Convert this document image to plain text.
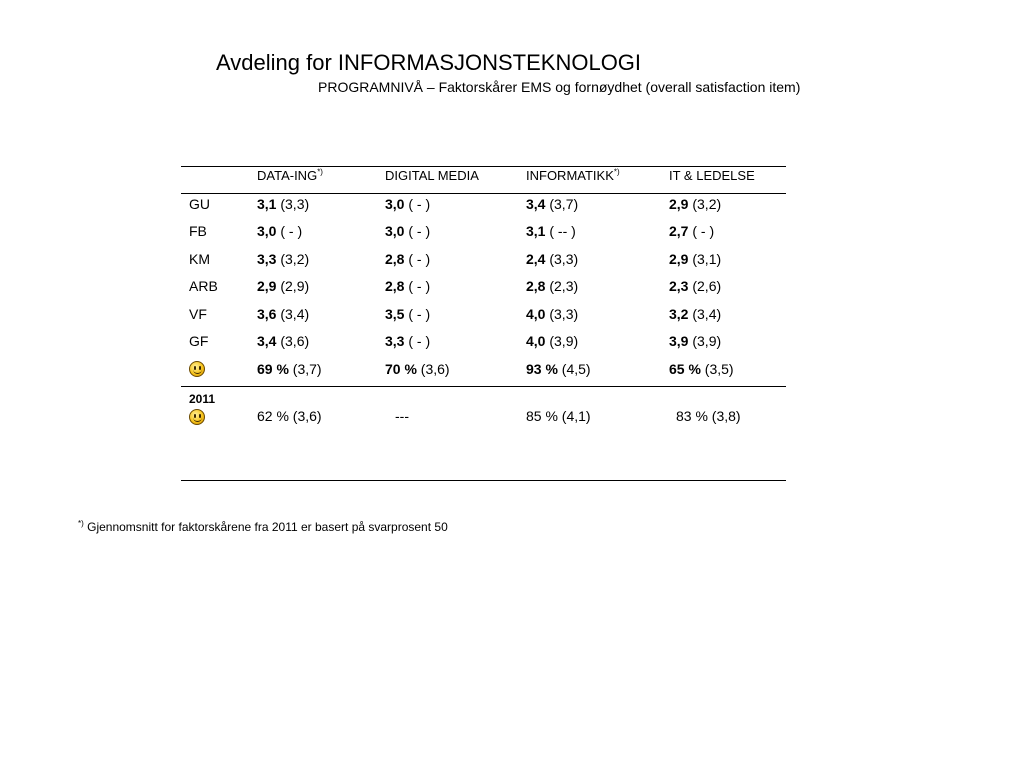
Avdeling for INFORMASJONSTEKNOLOGI
PROGRAMNIVÅ – Faktorskårer EMS og fornøydhet (overall satisfaction item)
DATA-ING*)	DIGITAL MEDIA	INFORMATIKK*)	IT & LEDELSE
GU	3,1 (3,3)	3,0 ( - )	3,4 (3,7)	2,9 (3,2)
FB	3,0 ( - )	3,0 ( - )	3,1 ( -- )	2,7 ( - )
KM	3,3 (3,2)	2,8 ( - )	2,4 (3,3)	2,9 (3,1)
ARB	2,9 (2,9)	2,8 ( - )	2,8 (2,3)	2,3 (2,6)
VF	3,6 (3,4)	3,5 ( - )	4,0 (3,3)	3,2 (3,4)
GF	3,4 (3,6)	3,3 ( - )	4,0 (3,9)	3,9 (3,9)
69 % (3,7)	70 % (3,6)	93 % (4,5)	65 % (3,5)
2011
62 % (3,6)	---	85 % (4,1)	83 % (3,8)
*) Gjennomsnitt for faktorskårene fra 2011 er basert på svarprosent 50
